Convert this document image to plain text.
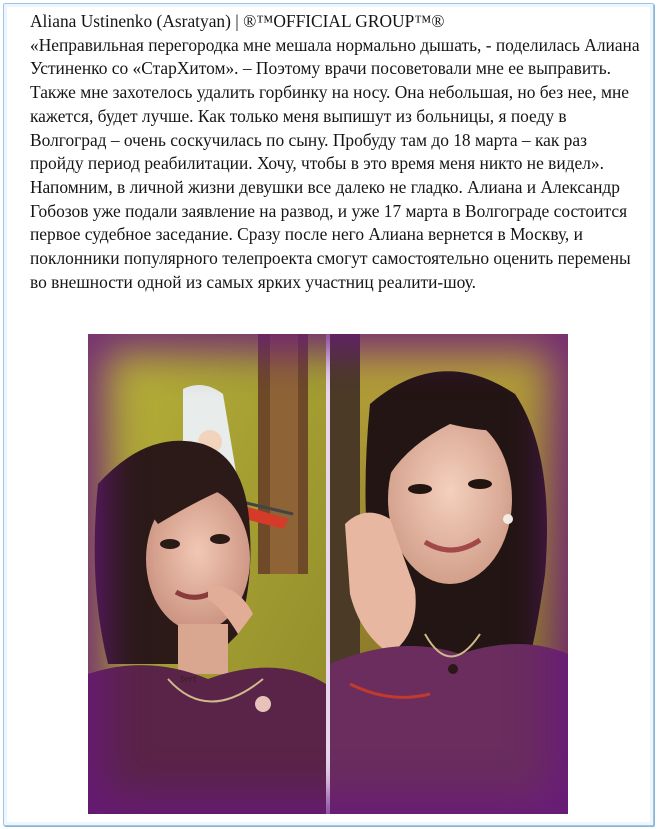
Aliana Ustinenko (Asratyan) | ®™OFFICIAL GROUP™®

«Неправильная перегородка мне мешала нормально дышать, - поделилась Алиана Устиненко со «СтарХитом». – Поэтому врачи посоветовали мне ее выправить. Также мне захотелось удалить горбинку на носу. Она небольшая, но без нее, мне кажется, будет лучше. Как только меня выпишут из больницы, я поеду в Волгоград – очень соскучилась по сыну. Пробуду там до 18 марта – как раз пройду период реабилитации. Хочу, чтобы в это время меня никто не видел».

Напомним, в личной жизни девушки все далеко не гладко. Алиана и Александр Гобозов уже подали заявление на развод, и уже 17 марта в Волгограде состоится первое судебное заседание. Сразу после него Алиана вернется в Москву, и поклонники популярного телепроекта смогут самостоятельно оценить перемены во внешности одной из самых ярких участниц реалити-шоу.

bert
